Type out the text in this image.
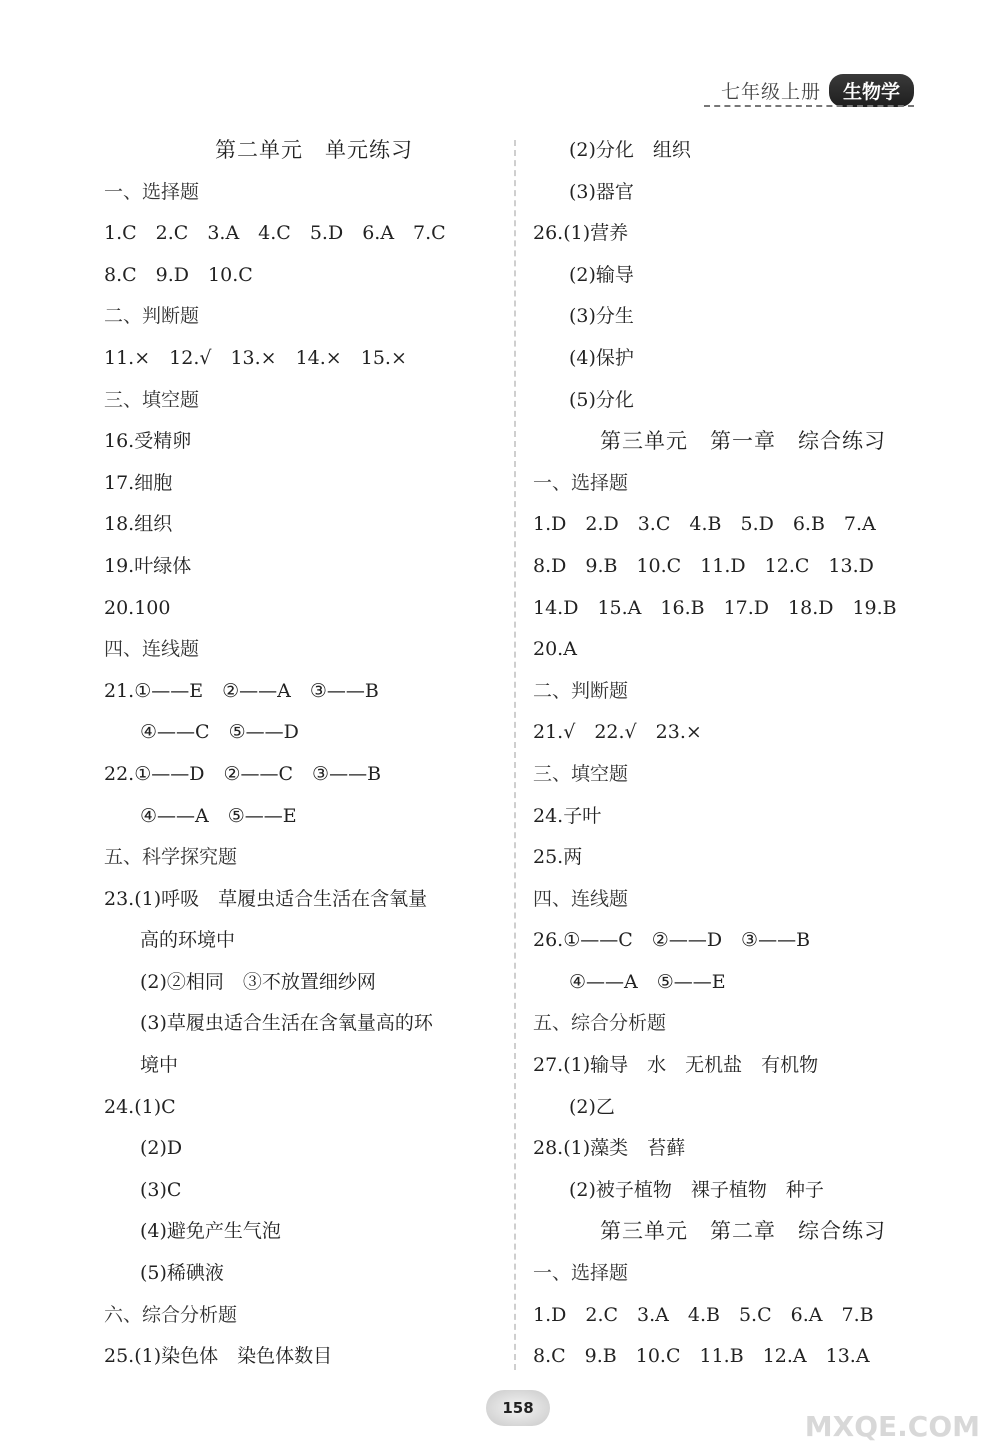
七年级上册	生物学
第二单元　单元练习
一、选择题
1.C　2.C　3.A　4.C　5.D　6.A　7.C
8.C　9.D　10.C
二、判断题
11.×　12.√　13.×　14.×　15.×
三、填空题
16.受精卵
17.细胞
18.组织
19.叶绿体
20.100
四、连线题
21.①——E　②——A　③——B
④——C　⑤——D
22.①——D　②——C　③——B
④——A　⑤——E
五、科学探究题
23.(1)呼吸　草履虫适合生活在含氧量
高的环境中
(2)②相同　③不放置细纱网
(3)草履虫适合生活在含氧量高的环
境中
24.(1)C
(2)D
(3)C
(4)避免产生气泡
(5)稀碘液
六、综合分析题
25.(1)染色体　染色体数目
(2)分化　组织
(3)器官
26.(1)营养
(2)输导
(3)分生
(4)保护
(5)分化
第三单元　第一章　综合练习
一、选择题
1.D　2.D　3.C　4.B　5.D　6.B　7.A
8.D　9.B　10.C　11.D　12.C　13.D
14.D　15.A　16.B　17.D　18.D　19.B
20.A
二、判断题
21.√　22.√　23.×
三、填空题
24.子叶
25.两
四、连线题
26.①——C　②——D　③——B
④——A　⑤——E
五、综合分析题
27.(1)输导　水　无机盐　有机物
(2)乙
28.(1)藻类　苔藓
(2)被子植物　裸子植物　种子
第三单元　第二章　综合练习
一、选择题
1.D　2.C　3.A　4.B　5.C　6.A　7.B
8.C　9.B　10.C　11.B　12.A　13.A
158
MXQE.COM
